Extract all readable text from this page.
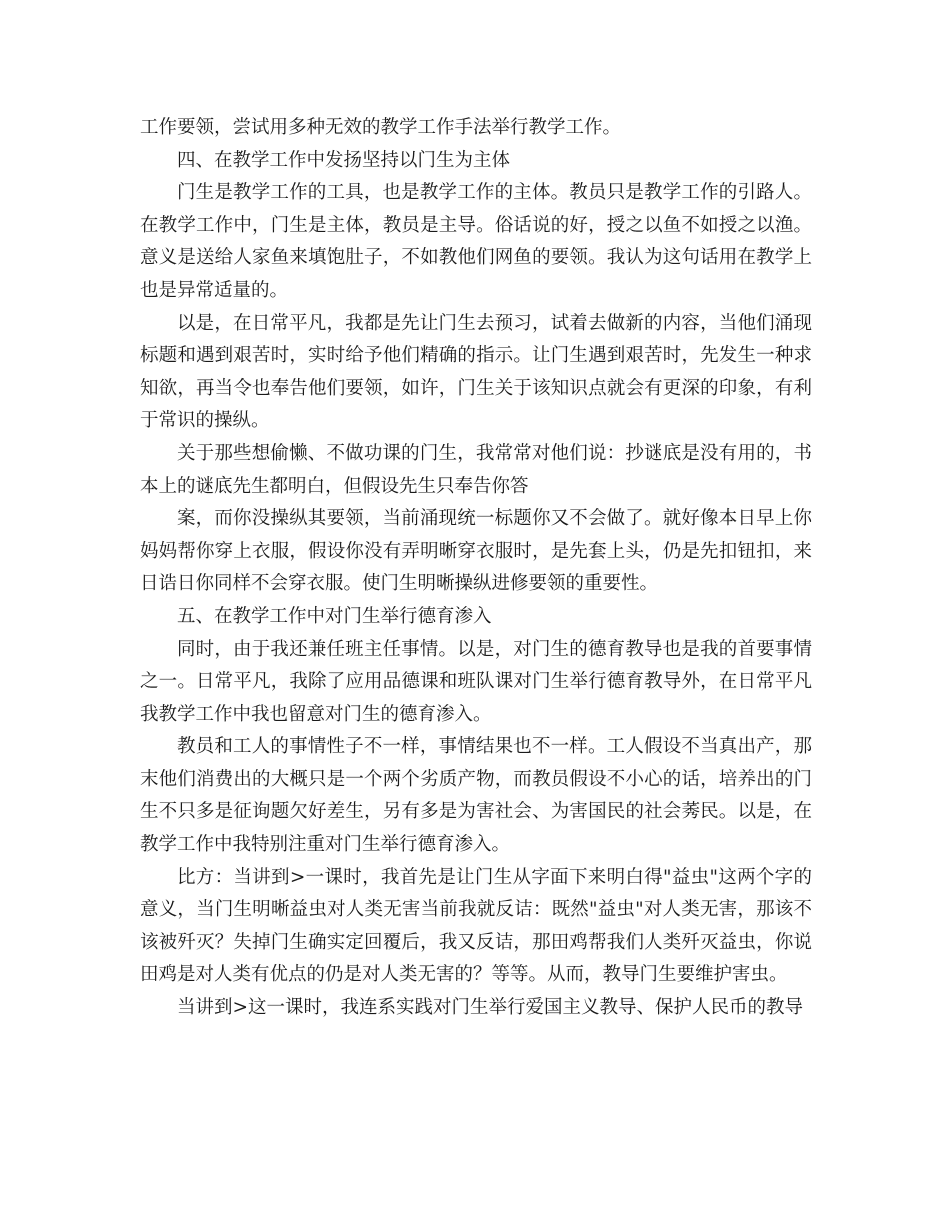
工作要领，尝试用多种无效的教学工作手法举行教学工作。

四、在教学工作中发扬坚持以门生为主体

门生是教学工作的工具，也是教学工作的主体。教员只是教学工作的引路人。在教学工作中，门生是主体，教员是主导。俗话说的好，授之以鱼不如授之以渔。意义是送给人家鱼来填饱肚子，不如教他们网鱼的要领。我认为这句话用在教学上也是异常适量的。

以是，在日常平凡，我都是先让门生去预习，试着去做新的内容，当他们涌现标题和遇到艰苦时，实时给予他们精确的指示。让门生遇到艰苦时，先发生一种求知欲，再当令也奉告他们要领，如许，门生关于该知识点就会有更深的印象，有利于常识的操纵。

关于那些想偷懒、不做功课的门生，我常常对他们说：抄谜底是没有用的，书本上的谜底先生都明白，但假设先生只奉告你答

案，而你没操纵其要领，当前涌现统一标题你又不会做了。就好像本日早上你妈妈帮你穿上衣服，假设你没有弄明晰穿衣服时，是先套上头，仍是先扣钮扣，来日诰日你同样不会穿衣服。使门生明晰操纵进修要领的重要性。

五、在教学工作中对门生举行德育渗入

同时，由于我还兼任班主任事情。以是，对门生的德育教导也是我的首要事情之一。日常平凡，我除了应用品德课和班队课对门生举行德育教导外，在日常平凡我教学工作中我也留意对门生的德育渗入。

教员和工人的事情性子不一样，事情结果也不一样。工人假设不当真出产，那末他们消费出的大概只是一个两个劣质产物，而教员假设不小心的话，培养出的门生不只多是征询题欠好差生，另有多是为害社会、为害国民的社会莠民。以是，在教学工作中我特别注重对门生举行德育渗入。

比方：当讲到>一课时，我首先是让门生从字面下来明白得"益虫"这两个字的意义，当门生明晰益虫对人类无害当前我就反诘：既然"益虫"对人类无害，那该不该被歼灭？失掉门生确实定回覆后，我又反诘，那田鸡帮我们人类歼灭益虫，你说田鸡是对人类有优点的仍是对人类无害的？等等。从而，教导门生要维护害虫。

当讲到>这一课时，我连系实践对门生举行爱国主义教导、保护人民币的教导
